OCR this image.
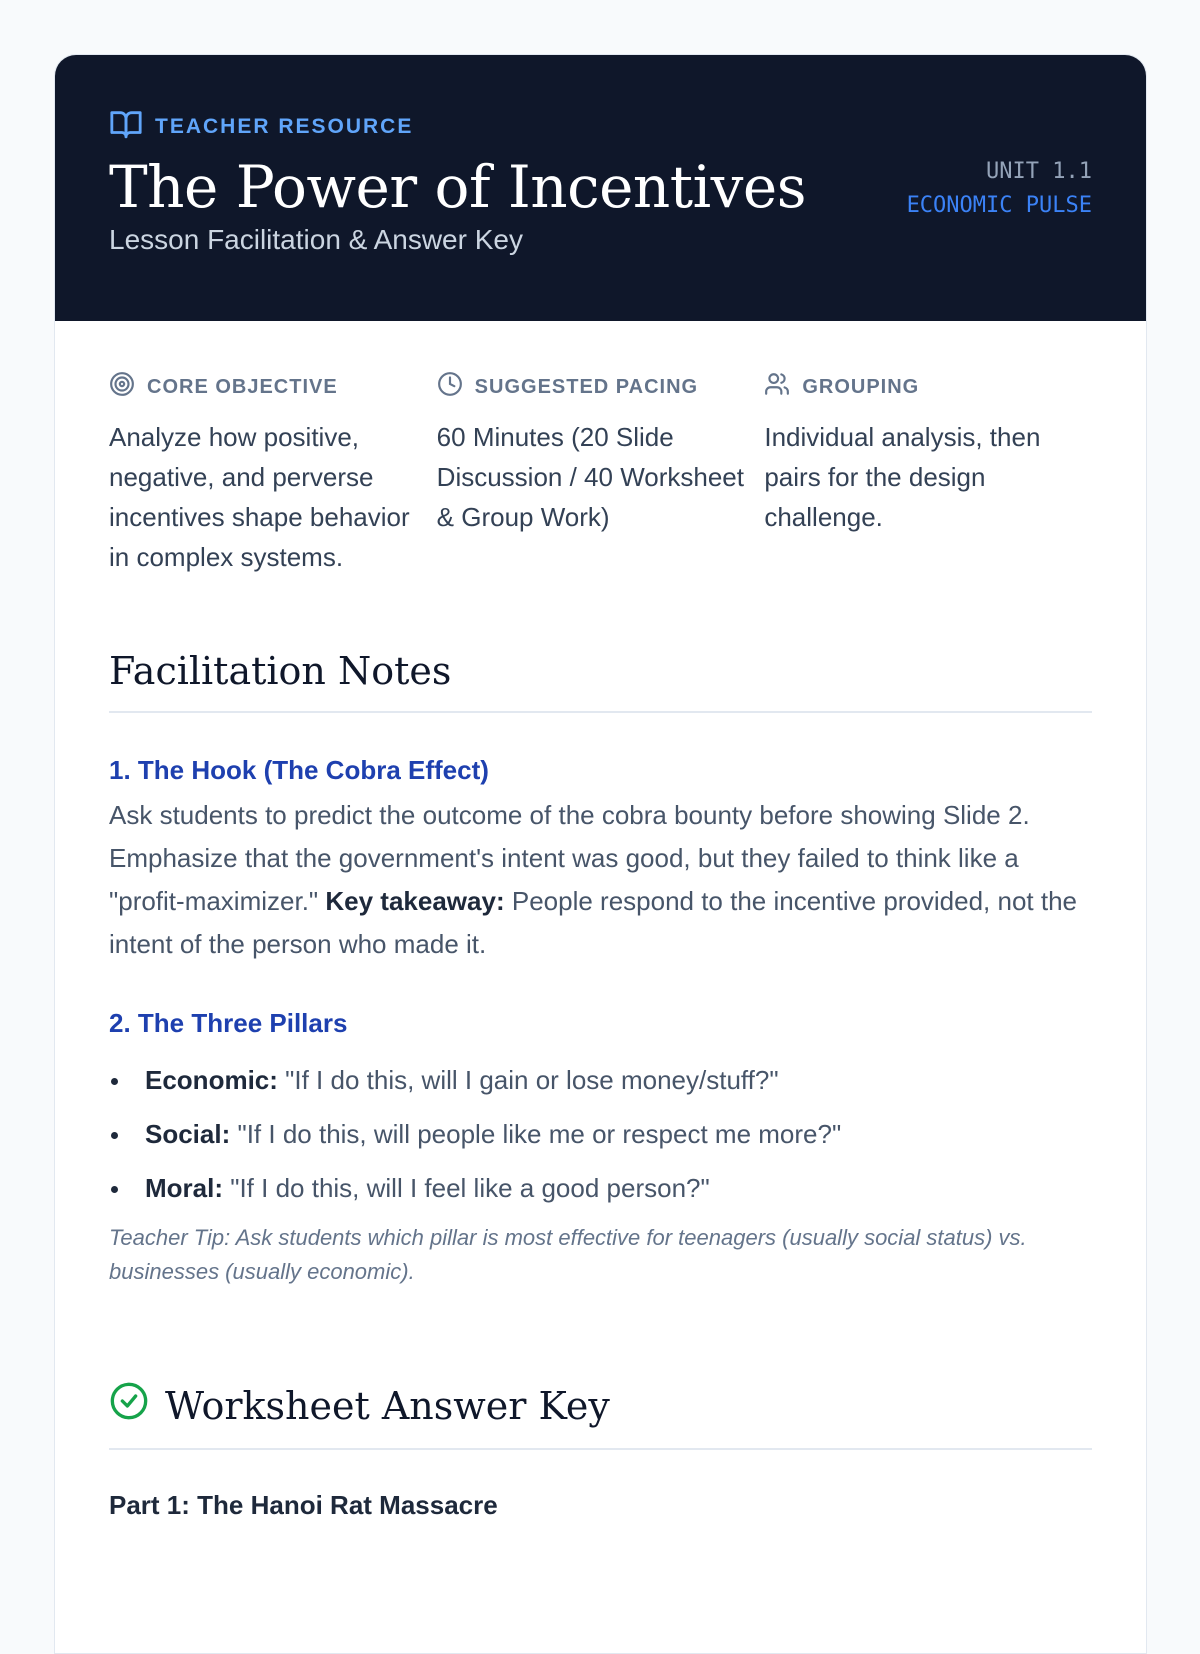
TEACHER RESOURCE
The Power of Incentives
Lesson Facilitation & Answer Key
UNIT 1.1
ECONOMIC PULSE
CORE OBJECTIVE
Analyze how positive, negative, and perverse incentives shape behavior in complex systems.
SUGGESTED PACING
60 Minutes (20 Slide Discussion / 40 Worksheet & Group Work)
GROUPING
Individual analysis, then pairs for the design challenge.
Facilitation Notes
1. The Hook (The Cobra Effect)

Ask students to predict the outcome of the cobra bounty before showing Slide 2. Emphasize that the government's intent was good, but they failed to think like a "profit-maximizer." Key takeaway: People respond to the incentive provided, not the intent of the person who made it.

2. The Three Pillars
Economic: "If I do this, will I gain or lose money/stuff?"
Social: "If I do this, will people like me or respect me more?"
Moral: "If I do this, will I feel like a good person?"

Teacher Tip: Ask students which pillar is most effective for teenagers (usually social status) vs. businesses (usually economic).

Worksheet Answer Key
Part 1: The Hanoi Rat Massacre
